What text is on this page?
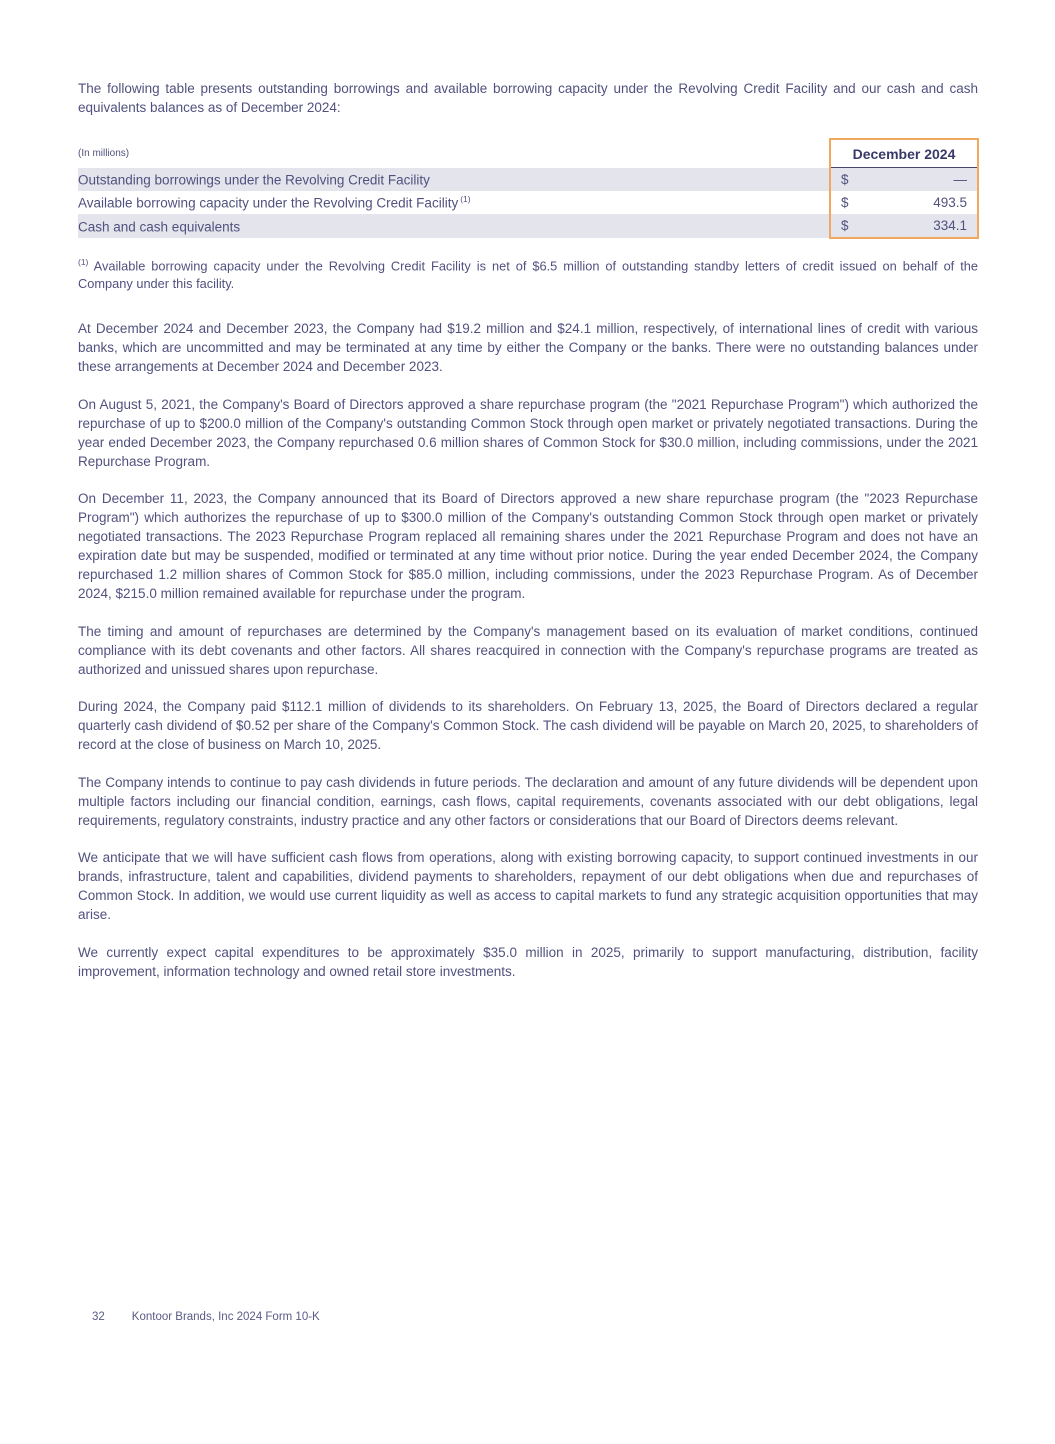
The following table presents outstanding borrowings and available borrowing capacity under the Revolving Credit Facility and our cash and cash equivalents balances as of December 2024:

(In millions)	December 2024
Outstanding borrowings under the Revolving Credit Facility	$ —

Available borrowing capacity under the Revolving Credit Facility $^{(1)}$	$ 493.5

Cash and cash equivalents	$ 334.1

$^{(1)}$ Available borrowing capacity under the Revolving Credit Facility is net of $6.5 million of outstanding standby letters of credit issued on behalf of the Company under this facility.

At December 2024 and December 2023, the Company had $19.2 million and $24.1 million, respectively, of international lines of credit with various banks, which are uncommitted and may be terminated at any time by either the Company or the banks. There were no outstanding balances under these arrangements at December 2024 and December 2023.

On August 5, 2021, the Company's Board of Directors approved a share repurchase program (the "2021 Repurchase Program") which authorized the repurchase of up to $200.0 million of the Company's outstanding Common Stock through open market or privately negotiated transactions. During the year ended December 2023, the Company repurchased 0.6 million shares of Common Stock for $30.0 million, including commissions, under the 2021 Repurchase Program.

On December 11, 2023, the Company announced that its Board of Directors approved a new share repurchase program (the "2023 Repurchase Program") which authorizes the repurchase of up to $300.0 million of the Company's outstanding Common Stock through open market or privately negotiated transactions. The 2023 Repurchase Program replaced all remaining shares under the 2021 Repurchase Program and does not have an expiration date but may be suspended, modified or terminated at any time without prior notice. During the year ended December 2024, the Company repurchased 1.2 million shares of Common Stock for $85.0 million, including commissions, under the 2023 Repurchase Program. As of December 2024, $215.0 million remained available for repurchase under the program.

The timing and amount of repurchases are determined by the Company's management based on its evaluation of market conditions, continued compliance with its debt covenants and other factors. All shares reacquired in connection with the Company's repurchase programs are treated as authorized and unissued shares upon repurchase.

During 2024, the Company paid $112.1 million of dividends to its shareholders. On February 13, 2025, the Board of Directors declared a regular quarterly cash dividend of $0.52 per share of the Company's Common Stock. The cash dividend will be payable on March 20, 2025, to shareholders of record at the close of business on March 10, 2025.

The Company intends to continue to pay cash dividends in future periods. The declaration and amount of any future dividends will be dependent upon multiple factors including our financial condition, earnings, cash flows, capital requirements, covenants associated with our debt obligations, legal requirements, regulatory constraints, industry practice and any other factors or considerations that our Board of Directors deems relevant.

We anticipate that we will have sufficient cash flows from operations, along with existing borrowing capacity, to support continued investments in our brands, infrastructure, talent and capabilities, dividend payments to shareholders, repayment of our debt obligations when due and repurchases of Common Stock. In addition, we would use current liquidity as well as access to capital markets to fund any strategic acquisition opportunities that may arise.

We currently expect capital expenditures to be approximately $35.0 million in 2025, primarily to support manufacturing, distribution, facility improvement, information technology and owned retail store investments.

32 Kontoor Brands, Inc 2024 Form 10-K
